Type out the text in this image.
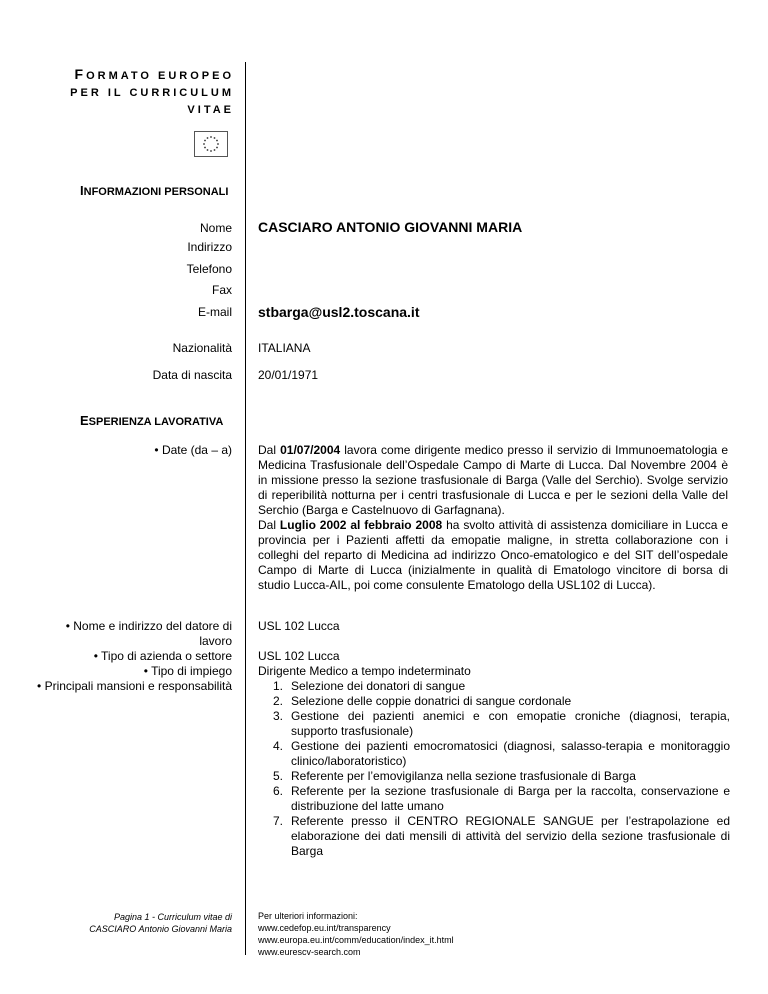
FORMATO EUROPEO
PER IL CURRICULUM
VITAE
INFORMAZIONI PERSONALI
Nome CASCIARO ANTONIO GIOVANNI MARIA
Indirizzo
Telefono
Fax
E-mail stbarga@usl2.toscana.it
Nazionalità ITALIANA
Data di nascita 20/01/1971
ESPERIENZA LAVORATIVA
• Date (da – a) Dal 01/07/2004 lavora come dirigente medico presso il servizio di Immunoematologia e Medicina Trasfusionale dell’Ospedale Campo di Marte di Lucca. Dal Novembre 2004 è in missione presso la sezione trasfusionale di Barga (Valle del Serchio). Svolge servizio di reperibilità notturna per i centri trasfusionale di Lucca e per le sezioni della Valle del Serchio (Barga e Castelnuovo di Garfagnana).
Dal Luglio 2002 al febbraio 2008 ha svolto attività di assistenza domiciliare in Lucca e provincia per i Pazienti affetti da emopatie maligne, in stretta collaborazione con i colleghi del reparto di Medicina ad indirizzo Onco-ematologico e del SIT dell’ospedale Campo di Marte di Lucca (inizialmente in qualità di Ematologo vincitore di borsa di studio Lucca-AIL, poi come consulente Ematologo della USL102 di Lucca).
• Nome e indirizzo del datore di
lavoro
• Tipo di azienda o settore
• Tipo di impiego
• Principali mansioni e responsabilità
USL 102 Lucca
USL 102 Lucca
Dirigente Medico a tempo indeterminato
1. Selezione dei donatori di sangue
2. Selezione delle coppie donatrici di sangue cordonale
3. Gestione dei pazienti anemici e con emopatie croniche (diagnosi, terapia, supporto trasfusionale)
4. Gestione dei pazienti emocromatosici (diagnosi, salasso-terapia e monitoraggio clinico/laboratoristico)
5. Referente per l’emovigilanza nella sezione trasfusionale di Barga
6. Referente per la sezione trasfusionale di Barga per la raccolta, conservazione e distribuzione del latte umano
7. Referente presso il CENTRO REGIONALE SANGUE per l’estrapolazione ed elaborazione dei dati mensili di attività del servizio della sezione trasfusionale di Barga
Pagina 1 - Curriculum vitae di
CASCIARO Antonio Giovanni Maria
Per ulteriori informazioni:
www.cedefop.eu.int/transparency
www.europa.eu.int/comm/education/index_it.html
www.eurescv-search.com
